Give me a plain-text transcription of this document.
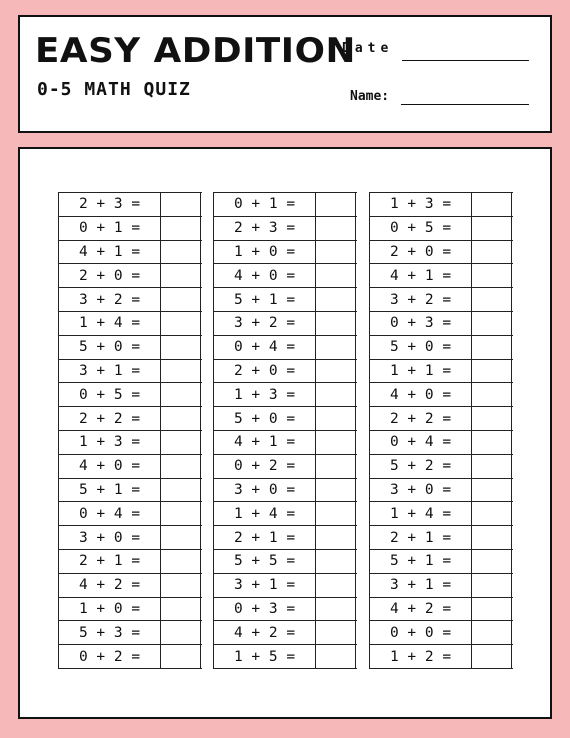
EASY ADDITION
0-5 MATH QUIZ
Date
Name:
2 + 3 =
0 + 1 =
4 + 1 =
2 + 0 =
3 + 2 =
1 + 4 =
5 + 0 =
3 + 1 =
0 + 5 =
2 + 2 =
1 + 3 =
4 + 0 =
5 + 1 =
0 + 4 =
3 + 0 =
2 + 1 =
4 + 2 =
1 + 0 =
5 + 3 =
0 + 2 =
0 + 1 =
2 + 3 =
1 + 0 =
4 + 0 =
5 + 1 =
3 + 2 =
0 + 4 =
2 + 0 =
1 + 3 =
5 + 0 =
4 + 1 =
0 + 2 =
3 + 0 =
1 + 4 =
2 + 1 =
5 + 5 =
3 + 1 =
0 + 3 =
4 + 2 =
1 + 5 =
1 + 3 =
0 + 5 =
2 + 0 =
4 + 1 =
3 + 2 =
0 + 3 =
5 + 0 =
1 + 1 =
4 + 0 =
2 + 2 =
0 + 4 =
5 + 2 =
3 + 0 =
1 + 4 =
2 + 1 =
5 + 1 =
3 + 1 =
4 + 2 =
0 + 0 =
1 + 2 =
